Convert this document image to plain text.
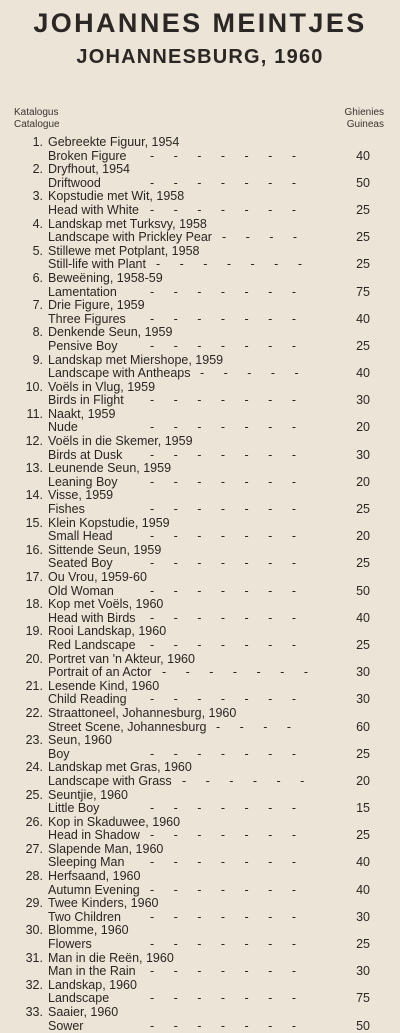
JOHANNES MEINTJES
JOHANNESBURG, 1960
Katalogus
Catalogue
Ghienies
Guineas
1. Gebreekte Figuur, 1954
- - - - - - -
Broken Figure	40
2. Dryfhout, 1954
- - - - - - -
Driftwood	50
3. Kopstudie met Wit, 1958
- - - - - - -
Head with White	25
4. Landskap met Turksvy, 1958
- - - -
Landscape with Prickley Pear	25
5. Stillewe met Potplant, 1958
- - - - - - -
Still-life with Plant	25
6. Beweëning, 1958-59
- - - - - - -
Lamentation	75
7. Drie Figure, 1959
- - - - - - -
Three Figures	40
8. Denkende Seun, 1959
- - - - - - -
Pensive Boy	25
9. Landskap met Miershope, 1959
- - - - -
Landscape with Antheaps	40
10. Voëls in Vlug, 1959
- - - - - - -
Birds in Flight	30
11. Naakt, 1959
- - - - - - -
Nude	20
12. Voëls in die Skemer, 1959
- - - - - - -
Birds at Dusk	30
13. Leunende Seun, 1959
- - - - - - -
Leaning Boy	20
14. Visse, 1959
- - - - - - -
Fishes	25
15. Klein Kopstudie, 1959
- - - - - - -
Small Head	20
16. Sittende Seun, 1959
- - - - - - -
Seated Boy	25
17. Ou Vrou, 1959-60
- - - - - - -
Old Woman	50
18. Kop met Voëls, 1960
- - - - - - -
Head with Birds	40
19. Rooi Landskap, 1960
- - - - - - -
Red Landscape	25
20. Portret van 'n Akteur, 1960
- - - - - - -
Portrait of an Actor	30
21. Lesende Kind, 1960
- - - - - - -
Child Reading	30
22. Straattoneel, Johannesburg, 1960
- - - -
Street Scene, Johannesburg	60
23. Seun, 1960
- - - - - - -
Boy	25
24. Landskap met Gras, 1960
- - - - - -
Landscape with Grass	20
25. Seuntjie, 1960
- - - - - - -
Little Boy	15
26. Kop in Skaduwee, 1960
- - - - - - -
Head in Shadow	25
27. Slapende Man, 1960
- - - - - - -
Sleeping Man	40
28. Herfsaand, 1960
- - - - - - -
Autumn Evening	40
29. Twee Kinders, 1960
- - - - - - -
Two Children	30
30. Blomme, 1960
- - - - - - -
Flowers	25
31. Man in die Reën, 1960
- - - - - - -
Man in the Rain	30
32. Landskap, 1960
- - - - - - -
Landscape	75
33. Saaier, 1960
- - - - - - -
Sower	50
